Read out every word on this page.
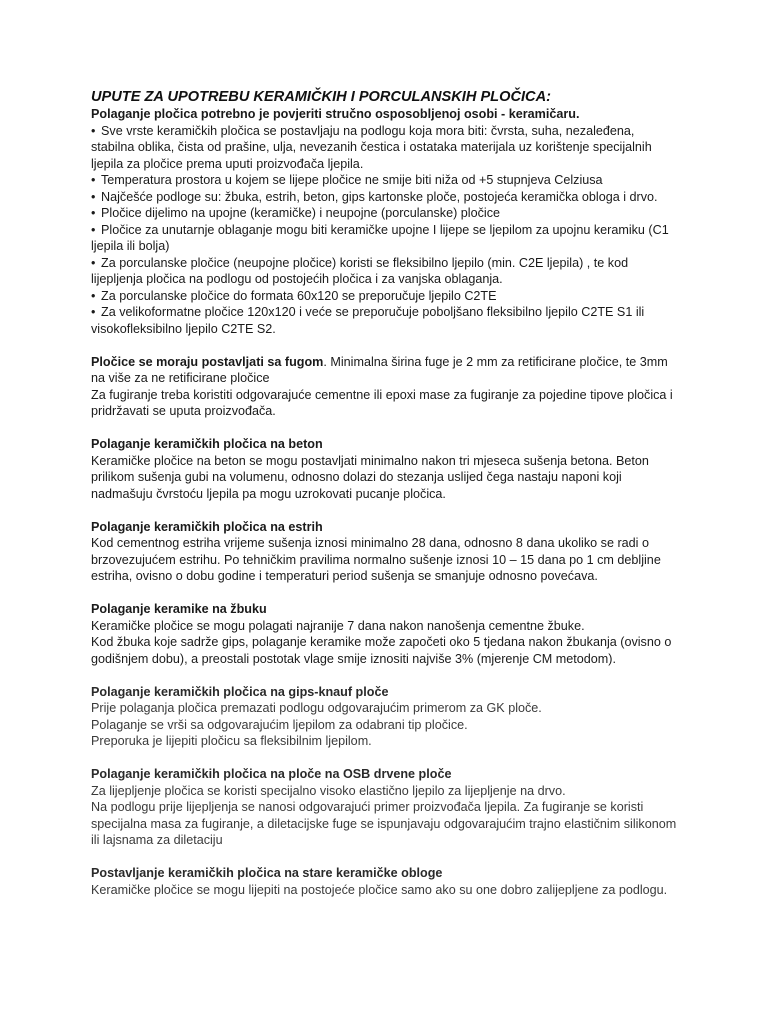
UPUTE ZA UPOTREBU KERAMIČKIH I PORCULANSKIH PLOČICA:

Polaganje pločica potrebno je povjeriti stručno osposobljenoj osobi - keramičaru.

• Sve vrste keramičkih pločica se postavljaju na podlogu koja mora biti: čvrsta, suha, nezaleđena, stabilna oblika, čista od prašine, ulja, nevezanih čestica i ostataka materijala uz korištenje specijalnih ljepila za pločice prema uputi proizvođača ljepila.
• Temperatura prostora u kojem se lijepe pločice ne smije biti niža od +5 stupnjeva Celziusa
• Najčešće podloge su: žbuka, estrih, beton, gips kartonske ploče, postojeća keramička obloga i drvo.
• Pločice dijelimo na upojne (keramičke) i neupojne (porculanske) pločice
• Pločice za unutarnje oblaganje mogu biti keramičke upojne I lijepe se ljepilom za upojnu keramiku (C1 ljepila ili bolja)
• Za porculanske pločice (neupojne pločice) koristi se fleksibilno ljepilo (min. C2E ljepila) , te kod lijepljenja pločica na podlogu od postojećih pločica i za vanjska oblaganja.
• Za porculanske pločice do formata 60x120 se preporučuje ljepilo C2TE
• Za velikoformatne pločice 120x120 i veće se preporučuje poboljšano fleksibilno ljepilo C2TE S1 ili visokofleksibilno ljepilo C2TE S2.

Pločice se moraju postavljati sa fugom. Minimalna širina fuge je 2 mm za retificirane pločice, te 3mm na više za ne retificirane pločice

Za fugiranje treba koristiti odgovarajuće cementne ili epoxi mase za fugiranje za pojedine tipove pločica i pridržavati se uputa proizvođača.

Polaganje keramičkih pločica na beton

Keramičke pločice na beton se mogu postavljati minimalno nakon tri mjeseca sušenja betona. Beton prilikom sušenja gubi na volumenu, odnosno dolazi do stezanja uslijed čega nastaju naponi koji nadmašuju čvrstoću ljepila pa mogu uzrokovati pucanje pločica.

Polaganje keramičkih pločica na estrih

Kod cementnog estriha vrijeme sušenja iznosi minimalno 28 dana, odnosno 8 dana ukoliko se radi o brzovezujućem estrihu. Po tehničkim pravilima normalno sušenje iznosi 10 – 15 dana po 1 cm debljine estriha, ovisno o dobu godine i temperaturi period sušenja se smanjuje odnosno povećava.

Polaganje keramike na žbuku

Keramičke pločice se mogu polagati najranije 7 dana nakon nanošenja cementne žbuke.

Kod žbuka koje sadrže gips, polaganje keramike može započeti oko 5 tjedana nakon žbukanja (ovisno o godišnjem dobu), a preostali postotak vlage smije iznositi najviše 3% (mjerenje CM metodom).

Polaganje keramičkih pločica na gips-knauf ploče

Prije polaganja pločica premazati podlogu odgovarajućim primerom za GK ploče.

Polaganje se vrši sa odgovarajućim ljepilom za odabrani tip pločice.

Preporuka je lijepiti pločicu sa fleksibilnim ljepilom.

Polaganje keramičkih pločica na ploče na OSB drvene ploče

Za lijepljenje pločica se koristi specijalno visoko elastično ljepilo za lijepljenje na drvo.

Na podlogu prije lijepljenja se nanosi odgovarajući primer proizvođača ljepila. Za fugiranje se koristi specijalna masa za fugiranje, a diletacijske fuge se ispunjavaju odgovarajućim trajno elastičnim silikonom ili lajsnama za diletaciju

Postavljanje keramičkih pločica na stare keramičke obloge

Keramičke pločice se mogu lijepiti na postojeće pločice samo ako su one dobro zalijepljene za podlogu.
